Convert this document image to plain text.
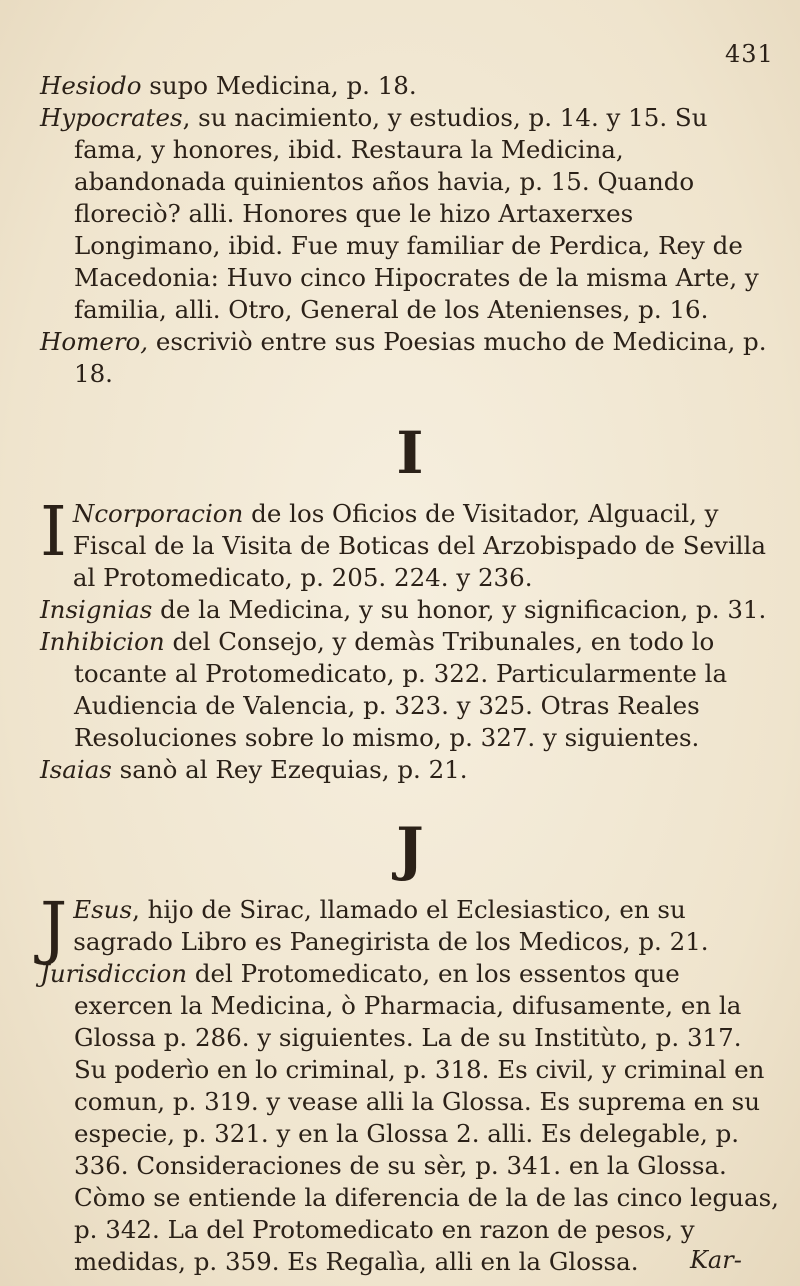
431

Hesiodo supo Medicina, p. 18.

Hypocrates, su nacimiento, y estudios, p. 14. y 15. Su fama, y honores, ibid. Restaura la Medicina, abandonada quinientos años havia, p. 15. Quando floreciò? alli. Honores que le hizo Artaxerxes Longimano, ibid. Fue muy familiar de Perdica, Rey de Macedonia: Huvo cinco Hipocrates de la misma Arte, y familia, alli. Otro, General de los Atenienses, p. 16.

Homero, escriviò entre sus Poesias mucho de Medicina, p. 18.

I

I Ncorporacion de los Oficios de Visitador, Alguacil, y Fiscal de la Visita de Boticas del Arzobispado de Sevilla al Protomedicato, p. 205. 224. y 236.

Insignias de la Medicina, y su honor, y significacion, p. 31.

Inhibicion del Consejo, y demàs Tribunales, en todo lo tocante al Protomedicato, p. 322. Particularmente la Audiencia de Valencia, p. 323. y 325. Otras Reales Resoluciones sobre lo mismo, p. 327. y siguientes.

Isaias sanò al Rey Ezequias, p. 21.

J

J Esus, hijo de Sirac, llamado el Eclesiastico, en su sagrado Libro es Panegirista de los Medicos, p. 21.

Jurisdiccion del Protomedicato, en los essentos que exercen la Medicina, ò Pharmacia, difusamente, en la Glossa p. 286. y siguientes. La de su Institùto, p. 317. Su poderìo en lo criminal, p. 318. Es civil, y criminal en comun, p. 319. y vease alli la Glossa. Es suprema en su especie, p. 321. y en la Glossa 2. alli. Es delegable, p. 336. Consideraciones de su sèr, p. 341. en la Glossa. Còmo se entiende la diferencia de la de las cinco leguas, p. 342. La del Protomedicato en razon de pesos, y medidas, p. 359. Es Regalìa, alli en la Glossa.	Kar-
